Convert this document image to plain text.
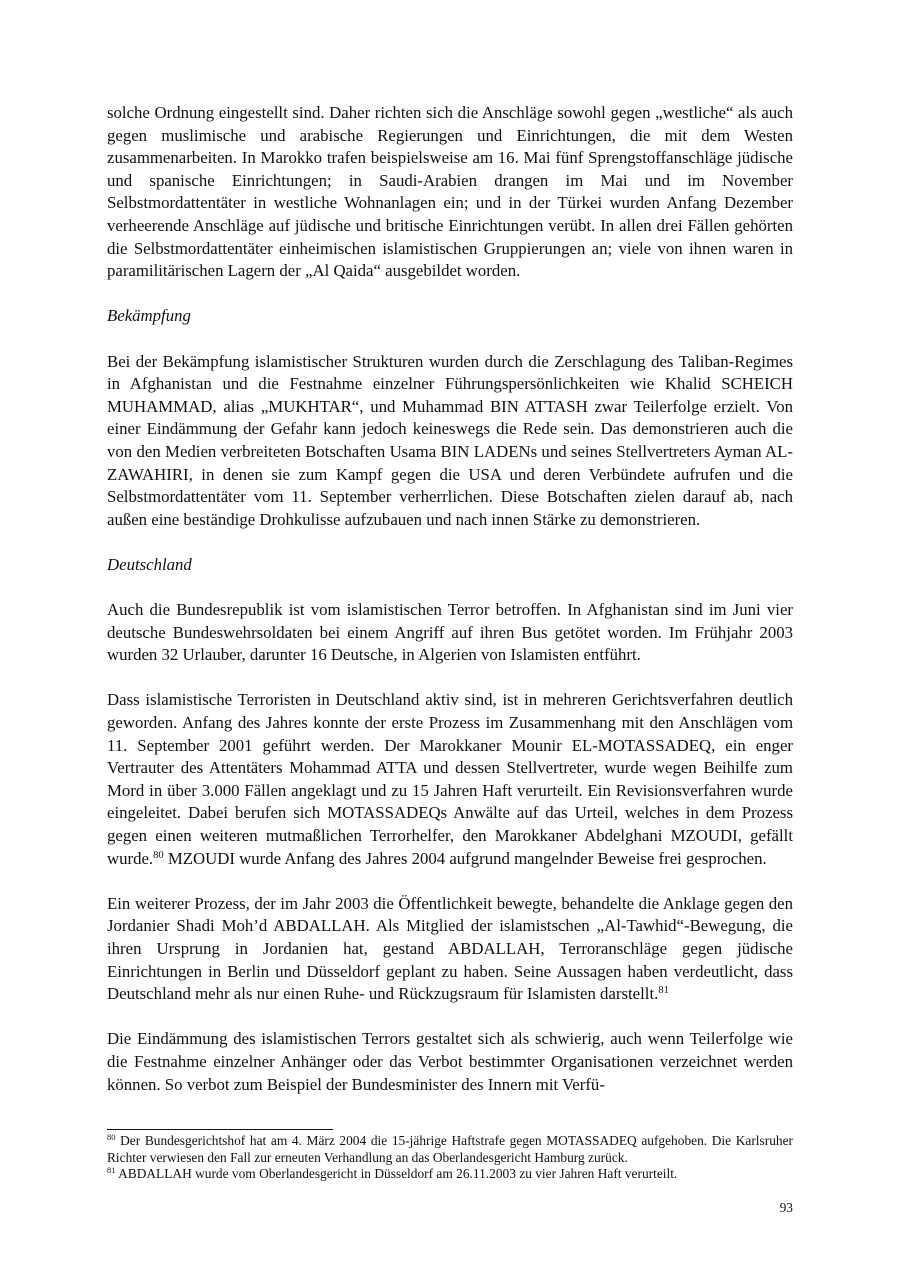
solche Ordnung eingestellt sind. Daher richten sich die Anschläge sowohl gegen „westliche“ als auch gegen muslimische und arabische Regierungen und Einrichtungen, die mit dem Westen zusammenarbeiten. In Marokko trafen beispielsweise am 16. Mai fünf Sprengstoffanschläge jüdische und spanische Einrichtungen; in Saudi-Arabien drangen im Mai und im November Selbstmordattentäter in westliche Wohnanlagen ein; und in der Türkei wurden Anfang Dezember verheerende Anschläge auf jüdische und britische Einrichtungen verübt. In allen drei Fällen gehörten die Selbstmordattentäter einheimischen islamistischen Gruppierungen an; viele von ihnen waren in paramilitärischen Lagern der „Al Qaida“ ausgebildet worden.

Bekämpfung

Bei der Bekämpfung islamistischer Strukturen wurden durch die Zerschlagung des Taliban-Regimes in Afghanistan und die Festnahme einzelner Führungspersönlichkeiten wie Khalid SCHEICH MUHAMMAD, alias „MUKHTAR“, und Muhammad BIN ATTASH zwar Teilerfolge erzielt. Von einer Eindämmung der Gefahr kann jedoch keineswegs die Rede sein. Das demonstrieren auch die von den Medien verbreiteten Botschaften Usama BIN LADENs und seines Stellvertreters Ayman AL-ZAWAHIRI, in denen sie zum Kampf gegen die USA und deren Verbündete aufrufen und die Selbstmordattentäter vom 11. September verherrlichen. Diese Botschaften zielen darauf ab, nach außen eine beständige Drohkulisse aufzubauen und nach innen Stärke zu demonstrieren.

Deutschland

Auch die Bundesrepublik ist vom islamistischen Terror betroffen. In Afghanistan sind im Juni vier deutsche Bundeswehrsoldaten bei einem Angriff auf ihren Bus getötet worden. Im Frühjahr 2003 wurden 32 Urlauber, darunter 16 Deutsche, in Algerien von Islamisten entführt.

Dass islamistische Terroristen in Deutschland aktiv sind, ist in mehreren Gerichtsverfahren deutlich geworden. Anfang des Jahres konnte der erste Prozess im Zusammenhang mit den Anschlägen vom 11. September 2001 geführt werden. Der Marokkaner Mounir EL-MOTASSADEQ, ein enger Vertrauter des Attentäters Mohammad ATTA und dessen Stellvertreter, wurde wegen Beihilfe zum Mord in über 3.000 Fällen angeklagt und zu 15 Jahren Haft verurteilt. Ein Revisionsverfahren wurde eingeleitet. Dabei berufen sich MOTASSADEQs Anwälte auf das Urteil, welches in dem Prozess gegen einen weiteren mutmaßlichen Terrorhelfer, den Marokkaner Abdelghani MZOUDI, gefällt wurde.$^{80}$ MZOUDI wurde Anfang des Jahres 2004 aufgrund mangelnder Beweise frei gesprochen.

Ein weiterer Prozess, der im Jahr 2003 die Öffentlichkeit bewegte, behandelte die Anklage gegen den Jordanier Shadi Moh’d ABDALLAH. Als Mitglied der islamistschen „Al-Tawhid“-Bewegung, die ihren Ursprung in Jordanien hat, gestand ABDALLAH, Terroranschläge gegen jüdische Einrichtungen in Berlin und Düsseldorf geplant zu haben. Seine Aussagen haben verdeutlicht, dass Deutschland mehr als nur einen Ruhe- und Rückzugsraum für Islamisten darstellt.$^{81}$

Die Eindämmung des islamistischen Terrors gestaltet sich als schwierig, auch wenn Teilerfolge wie die Festnahme einzelner Anhänger oder das Verbot bestimmter Organisationen verzeichnet werden können. So verbot zum Beispiel der Bundesminister des Innern mit Verfü-

$^{80}$ Der Bundesgerichtshof hat am 4. März 2004 die 15-jährige Haftstrafe gegen MOTASSADEQ aufgehoben. Die Karlsruher Richter verwiesen den Fall zur erneuten Verhandlung an das Oberlandesgericht Hamburg zurück.

$^{81}$ ABDALLAH wurde vom Oberlandesgericht in Düsseldorf am 26.11.2003 zu vier Jahren Haft verurteilt.

93
